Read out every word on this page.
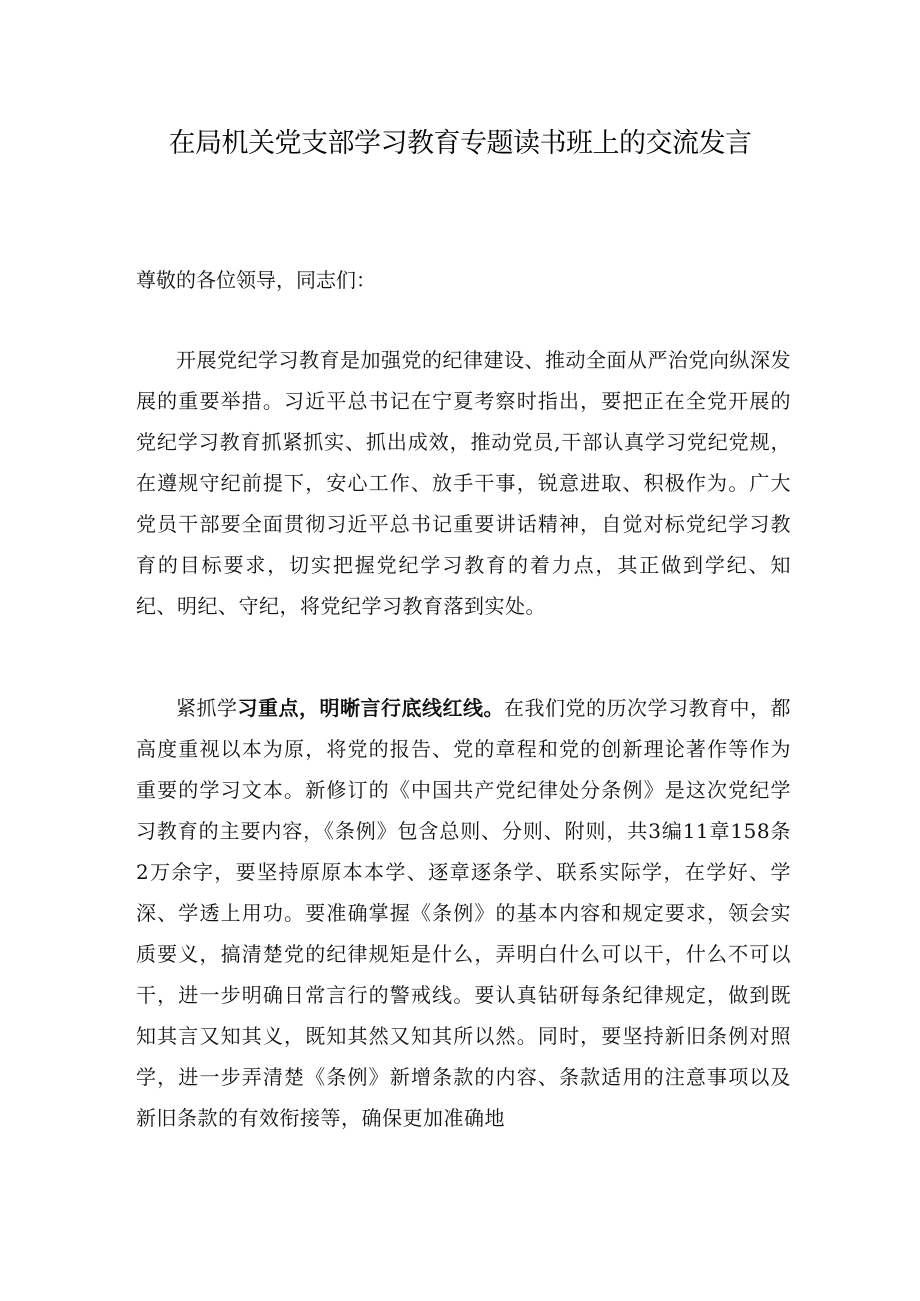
在局机关党支部学习教育专题读书班上的交流发言

尊敬的各位领导，同志们：

开展党纪学习教育是加强党的纪律建设、推动全面从严治党向纵深发展的重要举措。习近平总书记在宁夏考察时指出，要把正在全党开展的党纪学习教育抓紧抓实、抓出成效，推动党员,干部认真学习党纪党规，在遵规守纪前提下，安心工作、放手干事，锐意进取、积极作为。广大党员干部要全面贯彻习近平总书记重要讲话精神，自觉对标党纪学习教育的目标要求，切实把握党纪学习教育的着力点，其正做到学纪、知纪、明纪、守纪，将党纪学习教育落到实处。

紧抓学习重点，明晰言行底线红线。在我们党的历次学习教育中，都高度重视以本为原，将党的报告、党的章程和党的创新理论著作等作为重要的学习文本。新修订的《中国共产党纪律处分条例》是这次党纪学习教育的主要内容，《条例》包含总则、分则、附则，共3编11章158条2万余字，要坚持原原本本学、逐章逐条学、联系实际学，在学好、学深、学透上用功。要准确掌握《条例》的基本内容和规定要求，领会实质要义，搞清楚党的纪律规矩是什么，弄明白什么可以干，什么不可以干，进一步明确日常言行的警戒线。要认真钻研每条纪律规定，做到既知其言又知其义，既知其然又知其所以然。同时，要坚持新旧条例对照学，进一步弄清楚《条例》新增条款的内容、条款适用的注意事项以及新旧条款的有效衔接等，确保更加准确地
